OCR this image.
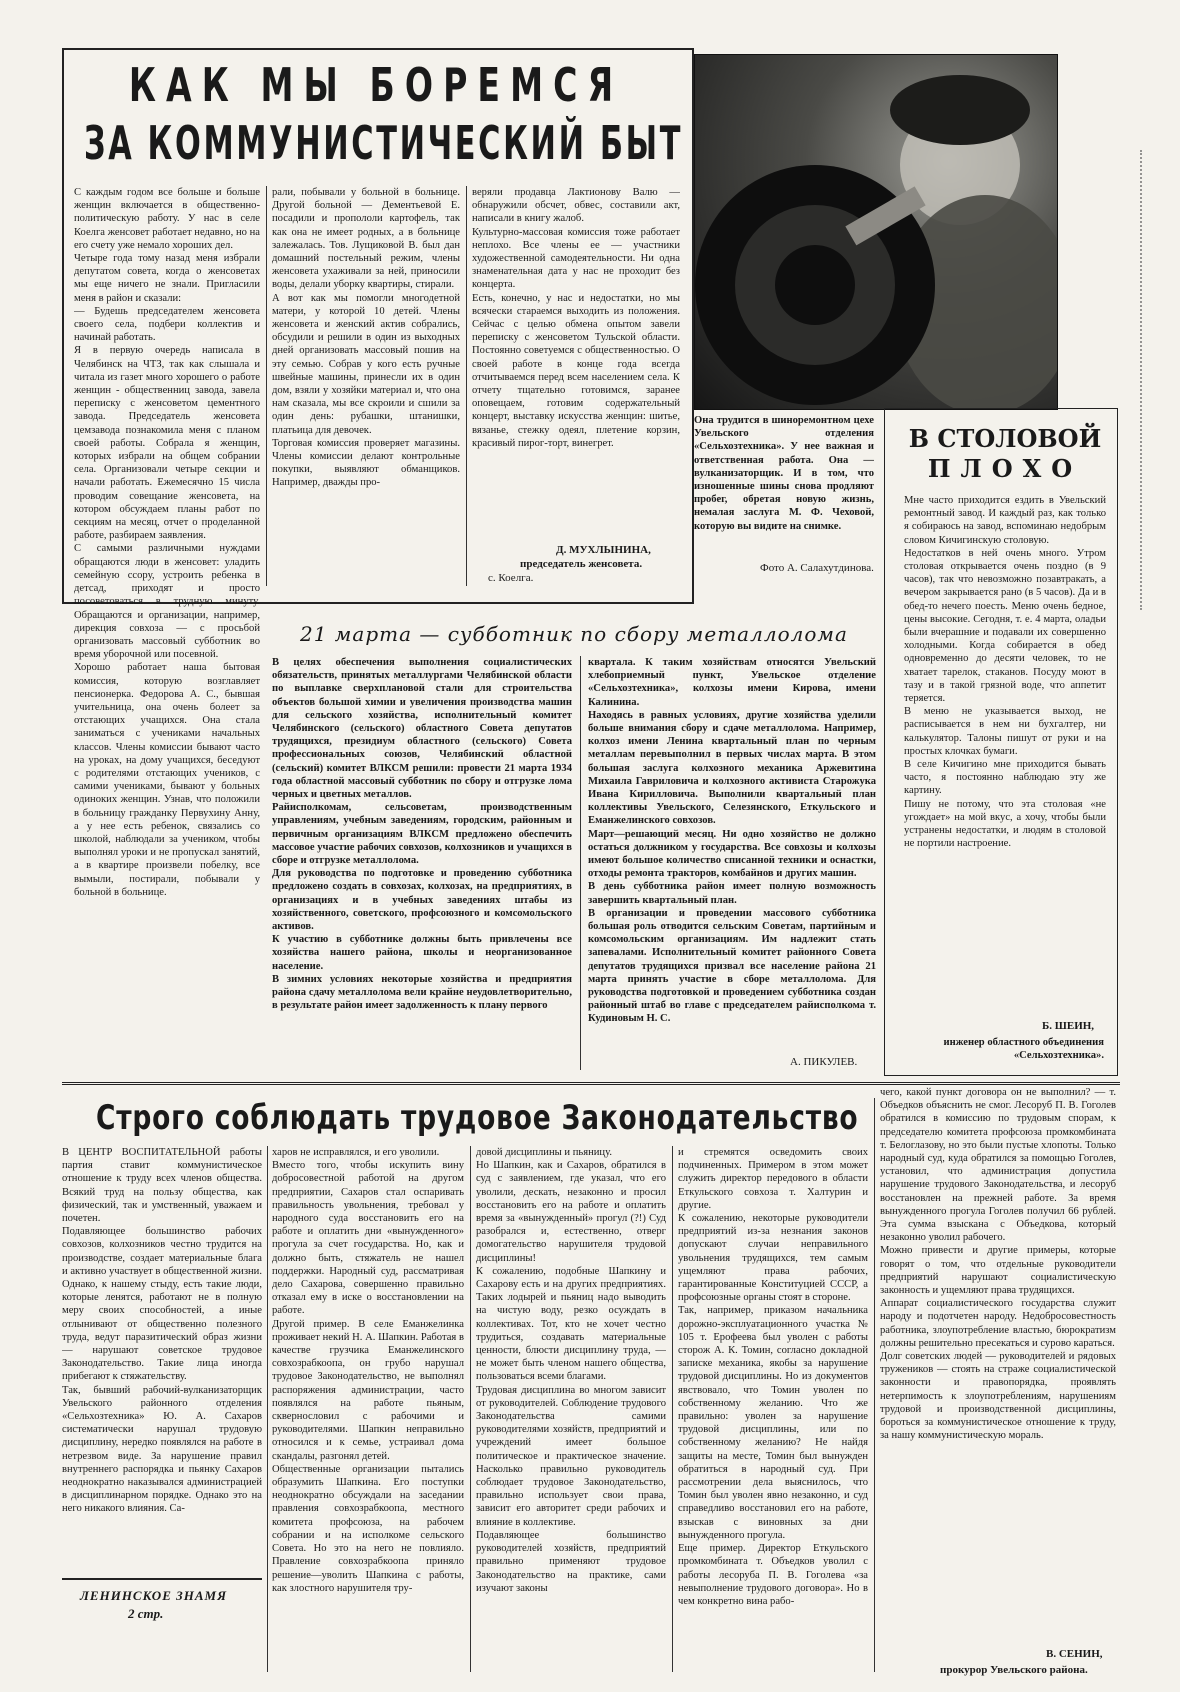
КАК МЫ БОРЕМСЯ
ЗА КОММУНИСТИЧЕСКИЙ БЫТ
С каждым годом все больше и больше женщин включается в общественно-политическую работу. У нас в селе Коелга женсовет работает недавно, но на его счету уже немало хороших дел.
Четыре года тому назад меня избрали депутатом совета, когда о женсоветах мы еще ничего не знали. Пригласили меня в район и сказали:
— Будешь председателем женсовета своего села, подбери коллектив и начинай работать.
Я в первую очередь написала в Челябинск на ЧТЗ, так как слышала и читала из газет много хорошего о работе женщин - общественниц завода, завела переписку с женсоветом цементного завода. Председатель женсовета цемзавода познакомила меня с планом своей работы. Собрала я женщин, которых избрали на общем собрании села. Организовали четыре секции и начали работать. Ежемесячно 15 числа проводим совещание женсовета, на котором обсуждаем планы работ по секциям на месяц, отчет о проделанной работе, разбираем заявления.
С самыми различными нуждами обращаются люди в женсовет: уладить семейную ссору, устроить ребенка в детсад, приходят и просто посоветоваться в трудную минуту. Обращаются и организации, например, дирекция совхоза — с просьбой организовать массовый субботник во время уборочной или посевной.
Хорошо работает наша бытовая комиссия, которую возглавляет пенсионерка. Федорова А. С., бывшая учительница, она очень болеет за отстающих учащихся. Она стала заниматься с учениками начальных классов. Члены комиссии бывают часто на уроках, на дому учащихся, беседуют с родителями отстающих учеников, с самими учениками, бывают у больных одиноких женщин. Узнав, что положили в больницу гражданку Первухину Анну, а у нее есть ребенок, связались со школой, наблюдали за учеником, чтобы выполнял уроки и не пропускал занятий, а в квартире произвели побелку, все вымыли, постирали, побывали у больной в больнице.
рали, побывали у больной в больнице. Другой больной — Дементьевой Е. посадили и пропололи картофель, так как она не имеет родных, а в больнице залежалась. Тов. Лущиковой В. был дан домашний постельный режим, члены женсовета ухаживали за ней, приносили воды, делали уборку квартиры, стирали.
А вот как мы помогли многодетной матери, у которой 10 детей. Члены женсовета и женский актив собрались, обсудили и решили в один из выходных дней организовать массовый пошив на эту семью. Собрав у кого есть ручные швейные машины, принесли их в один дом, взяли у хозяйки материал и, что она нам сказала, мы все скроили и сшили за один день: рубашки, штанишки, платьица для девочек.
Торговая комиссия проверяет магазины. Члены комиссии делают контрольные покупки, выявляют обманщиков. Например, дважды про-
веряли продавца Лактионову Валю — обнаружили обсчет, обвес, составили акт, написали в книгу жалоб.
Культурно-массовая комиссия тоже работает неплохо. Все члены ее — участники художественной самодеятельности. Ни одна знаменательная дата у нас не проходит без концерта.
Есть, конечно, у нас и недостатки, но мы всячески стараемся выходить из положения. Сейчас с целью обмена опытом завели переписку с женсоветом Тульской области. Постоянно советуемся с общественностью. О своей работе в конце года всегда отчитываемся перед всем населением села. К отчету тщательно готовимся, заранее оповещаем, готовим содержательный концерт, выставку искусства женщин: шитье, вязанье, стежку одеял, плетение корзин, красивый пирог-торт, винегрет.
Д. МУХЛЫНИНА,
председатель женсовета.
с. Коелга.
Она трудится в шиноремонтном цехе Увельского отделения «Сельхозтехника». У нее важная и ответственная работа. Она — вулканизаторщик. И в том, что изношенные шины снова продляют пробег, обретая новую жизнь, немалая заслуга М. Ф. Чеховой, которую вы видите на снимке.
Фото А. Салахутдинова.
В СТОЛОВОЙ
ПЛОХО
Мне часто приходится ездить в Увельский ремонтный завод. И каждый раз, как только я собираюсь на завод, вспоминаю недобрым словом Кичигинскую столовую.
Недостатков в ней очень много. Утром столовая открывается очень поздно (в 9 часов), так что невозможно позавтракать, а вечером закрывается рано (в 5 часов). Да и в обед-то нечего поесть. Меню очень бедное, цены высокие. Сегодня, т. е. 4 марта, оладьи были вчерашние и подавали их совершенно холодными. Когда собирается в обед одновременно до десяти человек, то не хватает тарелок, стаканов. Посуду моют в тазу и в такой грязной воде, что аппетит теряется.
В меню не указывается выход, не расписывается в нем ни бухгалтер, ни калькулятор. Талоны пишут от руки и на простых клочках бумаги.
В селе Кичигино мне приходится бывать часто, я постоянно наблюдаю эту же картину.
Пишу не потому, что эта столовая «не угождает» на мой вкус, а хочу, чтобы были устранены недостатки, и людям в столовой не портили настроение.
Б. ШЕИН,
инженер областного объединения «Сельхозтехника».
21 марта — субботник по сбору металлолома
В целях обеспечения выполнения социалистических обязательств, принятых металлургами Челябинской области по выплавке сверхплановой стали для строительства объектов большой химии и увеличения производства машин для сельского хозяйства, исполнительный комитет Челябинского (сельского) областного Совета депутатов трудящихся, президиум областного (сельского) Совета профессиональных союзов, Челябинский областной (сельский) комитет ВЛКСМ решили: провести 21 марта 1934 года областной массовый субботник по сбору и отгрузке лома черных и цветных металлов.
Райисполкомам, сельсоветам, производственным управлениям, учебным заведениям, городским, районным и первичным организациям ВЛКСМ предложено обеспечить массовое участие рабочих совхозов, колхозников и учащихся в сборе и отгрузке металлолома.
Для руководства по подготовке и проведению субботника предложено создать в совхозах, колхозах, на предприятиях, в организациях и в учебных заведениях штабы из хозяйственного, советского, профсоюзного и комсомольского активов.
К участию в субботнике должны быть привлечены все хозяйства нашего района, школы и неорганизованное население.
В зимних условиях некоторые хозяйства и предприятия района сдачу металлолома вели крайне неудовлетворительно, в результате район имеет задолженность к плану первого
квартала. К таким хозяйствам относятся Увельский хлебоприемный пункт, Увельское отделение «Сельхозтехника», колхозы имени Кирова, имени Калинина.
Находясь в равных условиях, другие хозяйства уделили больше внимания сбору и сдаче металлолома. Например, колхоз имени Ленина квартальный план по черным металлам перевыполнил в первых числах марта. В этом большая заслуга колхозного механика Аржевитина Михаила Гавриловича и колхозного активиста Старожука Ивана Кирилловича. Выполнили квартальный план коллективы Увельского, Селезянского, Еткульского и Еманжелинского совхозов.
Март—решающий месяц. Ни одно хозяйство не должно остаться должником у государства. Все совхозы и колхозы имеют большое количество списанной техники и оснастки, отходы ремонта тракторов, комбайнов и других машин.
В день субботника район имеет полную возможность завершить квартальный план.
В организации и проведении массового субботника большая роль отводится сельским Советам, партийным и комсомольским организациям. Им надлежит стать запевалами. Исполнительный комитет районного Совета депутатов трудящихся призвал все население района 21 марта принять участие в сборе металлолома. Для руководства подготовкой и проведением субботника создан районный штаб во главе с председателем райисполкома т. Кудиновым Н. С.
А. ПИКУЛЕВ.
Строго соблюдать трудовое Законодательство
В ЦЕНТР ВОСПИТАТЕЛЬНОЙ работы партия ставит коммунистическое отношение к труду всех членов общества. Всякий труд на пользу общества, как физический, так и умственный, уважаем и почетен.
Подавляющее большинство рабочих совхозов, колхозников честно трудится на производстве, создает материальные блага и активно участвует в общественной жизни. Однако, к нашему стыду, есть такие люди, которые ленятся, работают не в полную меру своих способностей, а иные отлынивают от общественно полезного труда, ведут паразитический образ жизни — нарушают советское трудовое Законодательство. Такие лица иногда прибегают к стяжательству.
Так, бывший рабочий-вулканизаторщик Увельского районного отделения «Сельхозтехника» Ю. А. Сахаров систематически нарушал трудовую дисциплину, нередко появлялся на работе в нетрезвом виде. За нарушение правил внутреннего распорядка и пьянку Сахаров неоднократно наказывался администрацией в дисциплинарном порядке. Однако это на него никакого влияния. Са-
харов не исправлялся, и его уволили.
Вместо того, чтобы искупить вину добросовестной работой на другом предприятии, Сахаров стал оспаривать правильность увольнения, требовал у народного суда восстановить его на работе и оплатить дни «вынужденного» прогула за счет государства. Но, как и должно быть, стяжатель не нашел поддержки. Народный суд, рассматривая дело Сахарова, совершенно правильно отказал ему в иске о восстановлении на работе.
Другой пример. В селе Еманжелинка проживает некий Н. А. Шапкин. Работая в качестве грузчика Еманжелинского совхозрабкоопа, он грубо нарушал трудовое Законодательство, не выполнял распоряжения администрации, часто появлялся на работе пьяным, сквернословил с рабочими и руководителями. Шапкин неправильно относился и к семье, устраивал дома скандалы, разгонял детей.
Общественные организации пытались образумить Шапкина. Его поступки неоднократно обсуждали на заседании правления совхозрабкоопа, местного комитета профсоюза, на рабочем собрании и на исполкоме сельского Совета. Но это на него не повлияло. Правление совхозрабкоопа приняло решение—уволить Шапкина с работы, как злостного нарушителя тру-
довой дисциплины и пьяницу.
Но Шапкин, как и Сахаров, обратился в суд с заявлением, где указал, что его уволили, дескать, незаконно и просил восстановить его на работе и оплатить время за «вынужденный» прогул (?!) Суд разобрался и, естественно, отверг домогательство нарушителя трудовой дисциплины!
К сожалению, подобные Шапкину и Сахарову есть и на других предприятиях. Таких лодырей и пьяниц надо выводить на чистую воду, резко осуждать в коллективах. Тот, кто не хочет честно трудиться, создавать материальные ценности, блюсти дисциплину труда, — не может быть членом нашего общества, пользоваться всеми благами.
Трудовая дисциплина во многом зависит от руководителей. Соблюдение трудового Законодательства самими руководителями хозяйств, предприятий и учреждений имеет большое политическое и практическое значение. Насколько правильно руководитель соблюдает трудовое Законодательство, правильно использует свои права, зависит его авторитет среди рабочих и влияние в коллективе.
Подавляющее большинство руководителей хозяйств, предприятий правильно применяют трудовое Законодательство на практике, сами изучают законы
и стремятся осведомить своих подчиненных. Примером в этом может служить директор передового в области Еткульского совхоза т. Халтурин и другие.
К сожалению, некоторые руководители предприятий из-за незнания законов допускают случаи неправильного увольнения трудящихся, тем самым ущемляют права рабочих, гарантированные Конституцией СССР, а профсоюзные органы стоят в стороне.
Так, например, приказом начальника дорожно-эксплуатационного участка № 105 т. Ерофеева был уволен с работы сторож А. К. Томин, согласно докладной записке механика, якобы за нарушение трудовой дисциплины. Но из документов явствовало, что Томин уволен по собственному желанию. Что же правильно: уволен за нарушение трудовой дисциплины, или по собственному желанию? Не найдя защиты на месте, Томин был вынужден обратиться в народный суд. При рассмотрении дела выяснилось, что Томин был уволен явно незаконно, и суд справедливо восстановил его на работе, взыскав с виновных за дни вынужденного прогула.
Еще пример. Директор Еткульского промкомбината т. Объедков уволил с работы лесоруба П. В. Гоголева «за невыполнение трудового договора». Но в чем конкретно вина рабо-
чего, какой пункт договора он не выполнил? — т. Объедков объяснить не смог. Лесоруб П. В. Гоголев обратился в комиссию по трудовым спорам, к председателю комитета профсоюза промкомбината т. Белоглазову, но это были пустые хлопоты. Только народный суд, куда обратился за помощью Гоголев, установил, что администрация допустила нарушение трудового Законодательства, и лесоруб восстановлен на прежней работе. За время вынужденного прогула Гоголев получил 66 рублей. Эта сумма взыскана с Объедкова, который незаконно уволил рабочего.
Можно привести и другие примеры, которые говорят о том, что отдельные руководители предприятий нарушают социалистическую законность и ущемляют права трудящихся.
Аппарат социалистического государства служит народу и подотчетен народу. Недобросовестность работника, злоупотребление властью, бюрократизм должны решительно пресекаться и сурово караться.
Долг советских людей — руководителей и рядовых тружеников — стоять на страже социалистической законности и правопорядка, проявлять нетерпимость к злоупотреблениям, нарушениям трудовой и производственной дисциплины, бороться за коммунистическое отношение к труду, за нашу коммунистическую мораль.
В. СЕНИН,
прокурор Увельского района.
ЛЕНИНСКОЕ ЗНАМЯ
2 стр.
